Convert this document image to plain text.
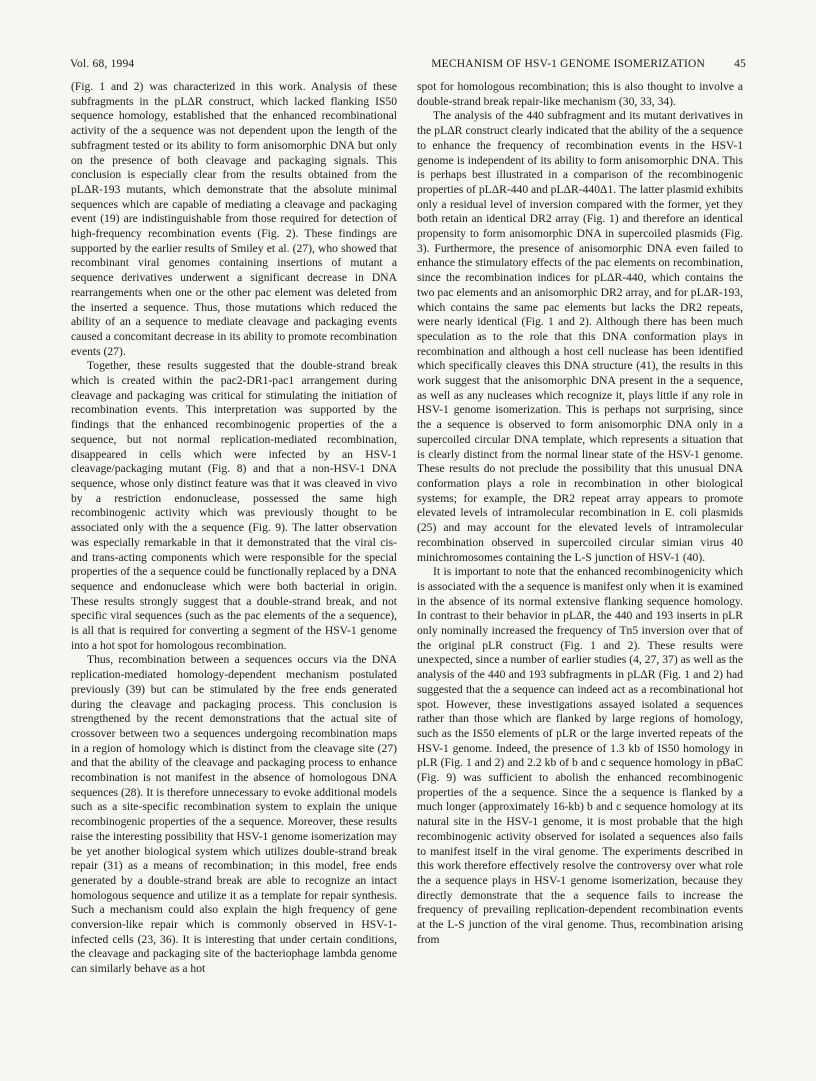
Vol. 68, 1994	MECHANISM OF HSV-1 GENOME ISOMERIZATION	45

(Fig. 1 and 2) was characterized in this work. Analysis of these subfragments in the pLΔR construct, which lacked flanking IS50 sequence homology, established that the enhanced recombinational activity of the a sequence was not dependent upon the length of the subfragment tested or its ability to form anisomorphic DNA but only on the presence of both cleavage and packaging signals. This conclusion is especially clear from the results obtained from the pLΔR-193 mutants, which demonstrate that the absolute minimal sequences which are capable of mediating a cleavage and packaging event (19) are indistinguishable from those required for detection of high-frequency recombination events (Fig. 2). These findings are supported by the earlier results of Smiley et al. (27), who showed that recombinant viral genomes containing insertions of mutant a sequence derivatives underwent a significant decrease in DNA rearrangements when one or the other pac element was deleted from the inserted a sequence. Thus, those mutations which reduced the ability of an a sequence to mediate cleavage and packaging events caused a concomitant decrease in its ability to promote recombination events (27).

Together, these results suggested that the double-strand break which is created within the pac2-DR1-pac1 arrangement during cleavage and packaging was critical for stimulating the initiation of recombination events. This interpretation was supported by the findings that the enhanced recombinogenic properties of the a sequence, but not normal replication-mediated recombination, disappeared in cells which were infected by an HSV-1 cleavage/packaging mutant (Fig. 8) and that a non-HSV-1 DNA sequence, whose only distinct feature was that it was cleaved in vivo by a restriction endonuclease, possessed the same high recombinogenic activity which was previously thought to be associated only with the a sequence (Fig. 9). The latter observation was especially remarkable in that it demonstrated that the viral cis- and trans-acting components which were responsible for the special properties of the a sequence could be functionally replaced by a DNA sequence and endonuclease which were both bacterial in origin. These results strongly suggest that a double-strand break, and not specific viral sequences (such as the pac elements of the a sequence), is all that is required for converting a segment of the HSV-1 genome into a hot spot for homologous recombination.

Thus, recombination between a sequences occurs via the DNA replication-mediated homology-dependent mechanism postulated previously (39) but can be stimulated by the free ends generated during the cleavage and packaging process. This conclusion is strengthened by the recent demonstrations that the actual site of crossover between two a sequences undergoing recombination maps in a region of homology which is distinct from the cleavage site (27) and that the ability of the cleavage and packaging process to enhance recombination is not manifest in the absence of homologous DNA sequences (28). It is therefore unnecessary to evoke additional models such as a site-specific recombination system to explain the unique recombinogenic properties of the a sequence. Moreover, these results raise the interesting possibility that HSV-1 genome isomerization may be yet another biological system which utilizes double-strand break repair (31) as a means of recombination; in this model, free ends generated by a double-strand break are able to recognize an intact homologous sequence and utilize it as a template for repair synthesis. Such a mechanism could also explain the high frequency of gene conversion-like repair which is commonly observed in HSV-1-infected cells (23, 36). It is interesting that under certain conditions, the cleavage and packaging site of the bacteriophage lambda genome can similarly behave as a hot

spot for homologous recombination; this is also thought to involve a double-strand break repair-like mechanism (30, 33, 34).

The analysis of the 440 subfragment and its mutant derivatives in the pLΔR construct clearly indicated that the ability of the a sequence to enhance the frequency of recombination events in the HSV-1 genome is independent of its ability to form anisomorphic DNA. This is perhaps best illustrated in a comparison of the recombinogenic properties of pLΔR-440 and pLΔR-440Δ1. The latter plasmid exhibits only a residual level of inversion compared with the former, yet they both retain an identical DR2 array (Fig. 1) and therefore an identical propensity to form anisomorphic DNA in supercoiled plasmids (Fig. 3). Furthermore, the presence of anisomorphic DNA even failed to enhance the stimulatory effects of the pac elements on recombination, since the recombination indices for pLΔR-440, which contains the two pac elements and an anisomorphic DR2 array, and for pLΔR-193, which contains the same pac elements but lacks the DR2 repeats, were nearly identical (Fig. 1 and 2). Although there has been much speculation as to the role that this DNA conformation plays in recombination and although a host cell nuclease has been identified which specifically cleaves this DNA structure (41), the results in this work suggest that the anisomorphic DNA present in the a sequence, as well as any nucleases which recognize it, plays little if any role in HSV-1 genome isomerization. This is perhaps not surprising, since the a sequence is observed to form anisomorphic DNA only in a supercoiled circular DNA template, which represents a situation that is clearly distinct from the normal linear state of the HSV-1 genome. These results do not preclude the possibility that this unusual DNA conformation plays a role in recombination in other biological systems; for example, the DR2 repeat array appears to promote elevated levels of intramolecular recombination in E. coli plasmids (25) and may account for the elevated levels of intramolecular recombination observed in supercoiled circular simian virus 40 minichromosomes containing the L-S junction of HSV-1 (40).

It is important to note that the enhanced recombinogenicity which is associated with the a sequence is manifest only when it is examined in the absence of its normal extensive flanking sequence homology. In contrast to their behavior in pLΔR, the 440 and 193 inserts in pLR only nominally increased the frequency of Tn5 inversion over that of the original pLR construct (Fig. 1 and 2). These results were unexpected, since a number of earlier studies (4, 27, 37) as well as the analysis of the 440 and 193 subfragments in pLΔR (Fig. 1 and 2) had suggested that the a sequence can indeed act as a recombinational hot spot. However, these investigations assayed isolated a sequences rather than those which are flanked by large regions of homology, such as the IS50 elements of pLR or the large inverted repeats of the HSV-1 genome. Indeed, the presence of 1.3 kb of IS50 homology in pLR (Fig. 1 and 2) and 2.2 kb of b and c sequence homology in pBaC (Fig. 9) was sufficient to abolish the enhanced recombinogenic properties of the a sequence. Since the a sequence is flanked by a much longer (approximately 16-kb) b and c sequence homology at its natural site in the HSV-1 genome, it is most probable that the high recombinogenic activity observed for isolated a sequences also fails to manifest itself in the viral genome. The experiments described in this work therefore effectively resolve the controversy over what role the a sequence plays in HSV-1 genome isomerization, because they directly demonstrate that the a sequence fails to increase the frequency of prevailing replication-dependent recombination events at the L-S junction of the viral genome. Thus, recombination arising from
